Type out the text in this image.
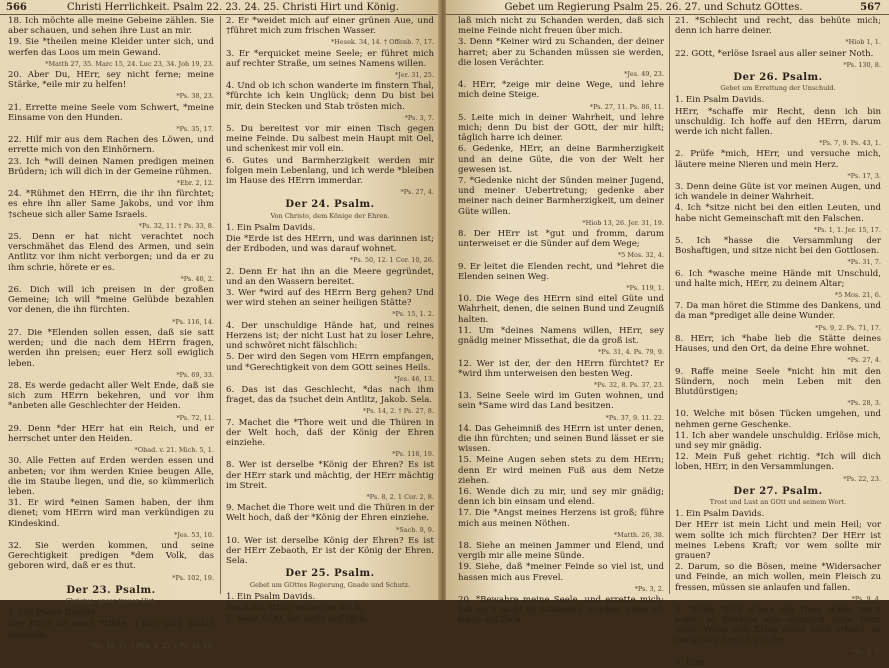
566	Christi Herrlichkeit. Psalm 22. 23. 24. 25. Christi Hirt und König.

18. Ich möchte alle meine Gebeine zählen. Sie aber schauen, und sehen ihre Lust an mir.

19. Sie *theilen meine Kleider unter sich, und werfen das Loos um mein Gewand.

*Matth 27, 35. Marc 15, 24. Luc 23, 34. Joh 19, 23.

20. Aber Du, HErr, sey nicht ferne; meine Stärke, *eile mir zu helfen!

*Ps. 38, 23.

21. Errette meine Seele vom Schwert, *meine Einsame von den Hunden.

*Ps. 35, 17.

22. Hilf mir aus dem Rachen des Löwen, und errette mich von den Einhörnern.

23. Ich *will deinen Namen predigen meinen Brüdern; ich will dich in der Gemeine rühmen.

*Ebr. 2, 12.

24. *Rühmet den HErrn, die ihr ihn fürchtet; es ehre ihn aller Same Jakobs, und vor ihm †scheue sich aller Same Israels.

*Ps. 32, 11. † Ps. 33, 8.

25. Denn er hat nicht verachtet noch verschmähet das Elend des Armen, und sein Antlitz vor ihm nicht verborgen; und da er zu ihm schrie, hörete er es.

*Ps. 40, 2.

26. Dich will ich preisen in der großen Gemeine; ich will *meine Gelübde bezahlen vor denen, die ihn fürchten.

*Ps. 116, 14.

27. Die *Elenden sollen essen, daß sie satt werden; und die nach dem HErrn fragen, werden ihn preisen; euer Herz soll ewiglich leben.

*Ps. 69, 33.

28. Es werde gedacht aller Welt Ende, daß sie sich zum HErrn bekehren, und vor ihm *anbeten alle Geschlechter der Heiden.

*Ps. 72, 11.

29. Denn *der HErr hat ein Reich, und er herrschet unter den Heiden.

*Obad. v. 21. Mich. 5, 1.

30. Alle Fetten auf Erden werden essen und anbeten; vor ihm werden Kniee beugen Alle, die im Staube liegen, und die, so kümmerlich leben.

31. Er wird *einen Samen haben, der ihm dienet; vom HErrn wird man verkündigen zu Kindeskind.

*Jes. 53, 10.

32. Sie werden kommen, und seine Gerechtigkeit predigen *dem Volk, das geboren wird, daß er es thut.

*Ps. 102, 19.

Der 23. Psalm.

Christus, unser treuer Hirt.

1. Ein Psalm Davids.

Der HErr ist mein *Hirte; †mir wird nichts mangeln.

*Jes. 40, 11. † Petr. 2, 25. † Ps. 34, 10.

2. Er *weidet mich auf einer grünen Aue, und †führet mich zum frischen Wasser.

*Hesek. 34, 14. † Offenb. 7, 17.

3. Er *erquicket meine Seele; er führet mich auf rechter Straße, um seines Namens willen.

*Jer. 31, 25.

4. Und ob ich schon wanderte im finstern Thal, *fürchte ich kein Unglück; denn Du bist bei mir, dein Stecken und Stab trösten mich.

*Ps. 3, 7.

5. Du bereitest vor mir einen Tisch gegen meine Feinde. Du salbest mein Haupt mit Oel, und schenkest mir voll ein.

6. Gutes und Barmherzigkeit werden mir folgen mein Lebenlang, und ich werde *bleiben im Hause des HErrn immerdar.

*Ps. 27, 4.

Der 24. Psalm.

Von Christo, dem Könige der Ehren.

1. Ein Psalm Davids.

Die *Erde ist des HErrn, und was darinnen ist; der Erdboden, und was darauf wohnet.

*Ps. 50, 12. 1 Cor. 10, 26.

2. Denn Er hat ihn an die Meere gegründet, und an den Wassern bereitet.

3. Wer *wird auf des HErrn Berg gehen? Und wer wird stehen an seiner heiligen Stätte?

*Ps. 15, 1. 2.

4. Der unschuldige Hände hat, und reines Herzens ist; der nicht Lust hat zu loser Lehre, und schwöret nicht fälschlich:

5. Der wird den Segen vom HErrn empfangen, und *Gerechtigkeit von dem GOtt seines Heils.

*Jes. 46, 13.

6. Das ist das Geschlecht, *das nach ihm fraget, das da †suchet dein Antlitz, Jakob. Sela.

*Ps. 14, 2. † Ps. 27, 8.

7. Machet die *Thore weit und die Thüren in der Welt hoch, daß der König der Ehren einziehe.

*Ps. 118, 19.

8. Wer ist derselbe *König der Ehren? Es ist der HErr stark und mächtig, der HErr mächtig im Streit.

*Ps. 8, 2. 1 Cor. 2, 8.

9. Machet die Thore weit und die Thüren in der Welt hoch, daß der *König der Ehren einziehe.

*Sach. 9, 9.

10. Wer ist derselbe König der Ehren? Es ist der HErr Zebaoth, Er ist der König der Ehren. Sela.

Der 25. Psalm.

Gebet um GOttes Regierung, Gnade und Schutz.

1. Ein Psalm Davids.

Nach dir, HErr, verlanget mich.

2. Mein GOtt, ich hoffe auf Dich;

Gebet um Regierung Psalm 25. 26. 27. und Schutz GOttes.	567

laß mich nicht zu Schanden werden, daß sich meine Feinde nicht freuen über mich.

3. Denn *Keiner wird zu Schanden, der deiner harret; aber zu Schanden müssen sie werden, die losen Verächter.

*Jes. 49, 23.

4. HErr, *zeige mir deine Wege, und lehre mich deine Steige.

*Ps. 27, 11. Ps. 86, 11.

5. Leite mich in deiner Wahrheit, und lehre mich; denn Du bist der GOtt, der mir hilft; täglich harre ich deiner.

6. Gedenke, HErr, an deine Barmherzigkeit und an deine Güte, die von der Welt her gewesen ist.

7. *Gedenke nicht der Sünden meiner Jugend, und meiner Uebertretung; gedenke aber meiner nach deiner Barmherzigkeit, um deiner Güte willen.

*Hiob 13, 26. Jer. 31, 19.

8. Der HErr ist *gut und fromm, darum unterweiset er die Sünder auf dem Wege;

*5 Mos. 32, 4.

9. Er leitet die Elenden recht, und *lehret die Elenden seinen Weg.

*Ps. 119, 1.

10. Die Wege des HErrn sind eitel Güte und Wahrheit, denen, die seinen Bund und Zeugniß halten.

11. Um *deines Namens willen, HErr, sey gnädig meiner Missethat, die da groß ist.

*Ps. 31, 4. Ps. 79, 9.

12. Wer ist der, der den HErrn fürchtet? Er *wird ihm unterweisen den besten Weg.

*Ps. 32, 8. Ps. 37, 23.

13. Seine Seele wird im Guten wohnen, und sein *Same wird das Land besitzen.

*Ps. 37, 9. 11. 22.

14. Das Geheimniß des HErrn ist unter denen, die ihn fürchten; und seinen Bund lässet er sie wissen.

15. Meine Augen sehen stets zu dem HErrn; denn Er wird meinen Fuß aus dem Netze ziehen.

16. Wende dich zu mir, und sey mir gnädig; denn ich bin einsam und elend.

17. Die *Angst meines Herzens ist groß; führe mich aus meinen Nöthen.

*Matth. 26, 38.

18. Siehe an meinen Jammer und Elend, und vergib mir alle meine Sünde.

19. Siehe, daß *meiner Feinde so viel ist, und hassen mich aus Frevel.

*Ps. 3, 2.

20. *Bewahre meine Seele, und errette mich; laß mich nicht zu Schanden werden, denn ich traue auf Dich.

21. *Schlecht und recht, das behüte mich; denn ich harre deiner.

*Hiob 1, 1.

22. GOtt, *erlöse Israel aus aller seiner Noth.

*Ps. 130, 8.

Der 26. Psalm.

Gebet um Errettung der Unschuld.

1. Ein Psalm Davids.

HErr, *schaffe mir Recht, denn ich bin unschuldig. Ich hoffe auf den HErrn, darum werde ich nicht fallen.

*Ps. 7, 9. Ps. 43, 1.

2. Prüfe *mich, HErr, und versuche mich, läutere meine Nieren und mein Herz.

*Ps. 17, 3.

3. Denn deine Güte ist vor meinen Augen, und ich wandele in deiner Wahrheit.

4. Ich *sitze nicht bei den eitlen Leuten, und habe nicht Gemeinschaft mit den Falschen.

*Ps. 1, 1. Jer. 15, 17.

5. Ich *hasse die Versammlung der Boshaftigen, und sitze nicht bei den Gottlosen.

*Ps. 31, 7.

6. Ich *wasche meine Hände mit Unschuld, und halte mich, HErr, zu deinem Altar;

*5 Mos. 21, 6.

7. Da man höret die Stimme des Dankens, und da man *prediget alle deine Wunder.

*Ps. 9, 2. Ps. 71, 17.

8. HErr, ich *habe lieb die Stätte deines Hauses, und den Ort, da deine Ehre wohnet.

*Ps. 27, 4.

9. Raffe meine Seele *nicht hin mit den Sündern, noch mein Leben mit den Blutdürstigen;

*Ps. 28, 3.

10. Welche mit bösen Tücken umgehen, und nehmen gerne Geschenke.

11. Ich aber wandele unschuldig. Erlöse mich, und sey mir gnädig.

12. Mein Fuß gehet richtig. *Ich will dich loben, HErr, in den Versammlungen.

*Ps. 22, 23.

Der 27. Psalm.

Trost und Lust an GOtt und seinem Wort.

1. Ein Psalm Davids.

Der HErr ist mein Licht und mein Heil; vor wem sollte ich mich fürchten? Der HErr ist meines Lebens Kraft; vor wem sollte mir grauen?

2. Darum, so die Bösen, meine *Widersacher und Feinde, an mich wollen, mein Fleisch zu fressen, müssen sie anlaufen und fallen.

*Ps. 9, 4.

3. Wenn *sich schon ein Heer wider mich leget, so fürchtet sich dennoch mein Herz nicht. Wenn sich Krieg wider mich erhebt, so verlasse ich mich auf Ihn.

*Ps. 3, 7.

4. Eins
